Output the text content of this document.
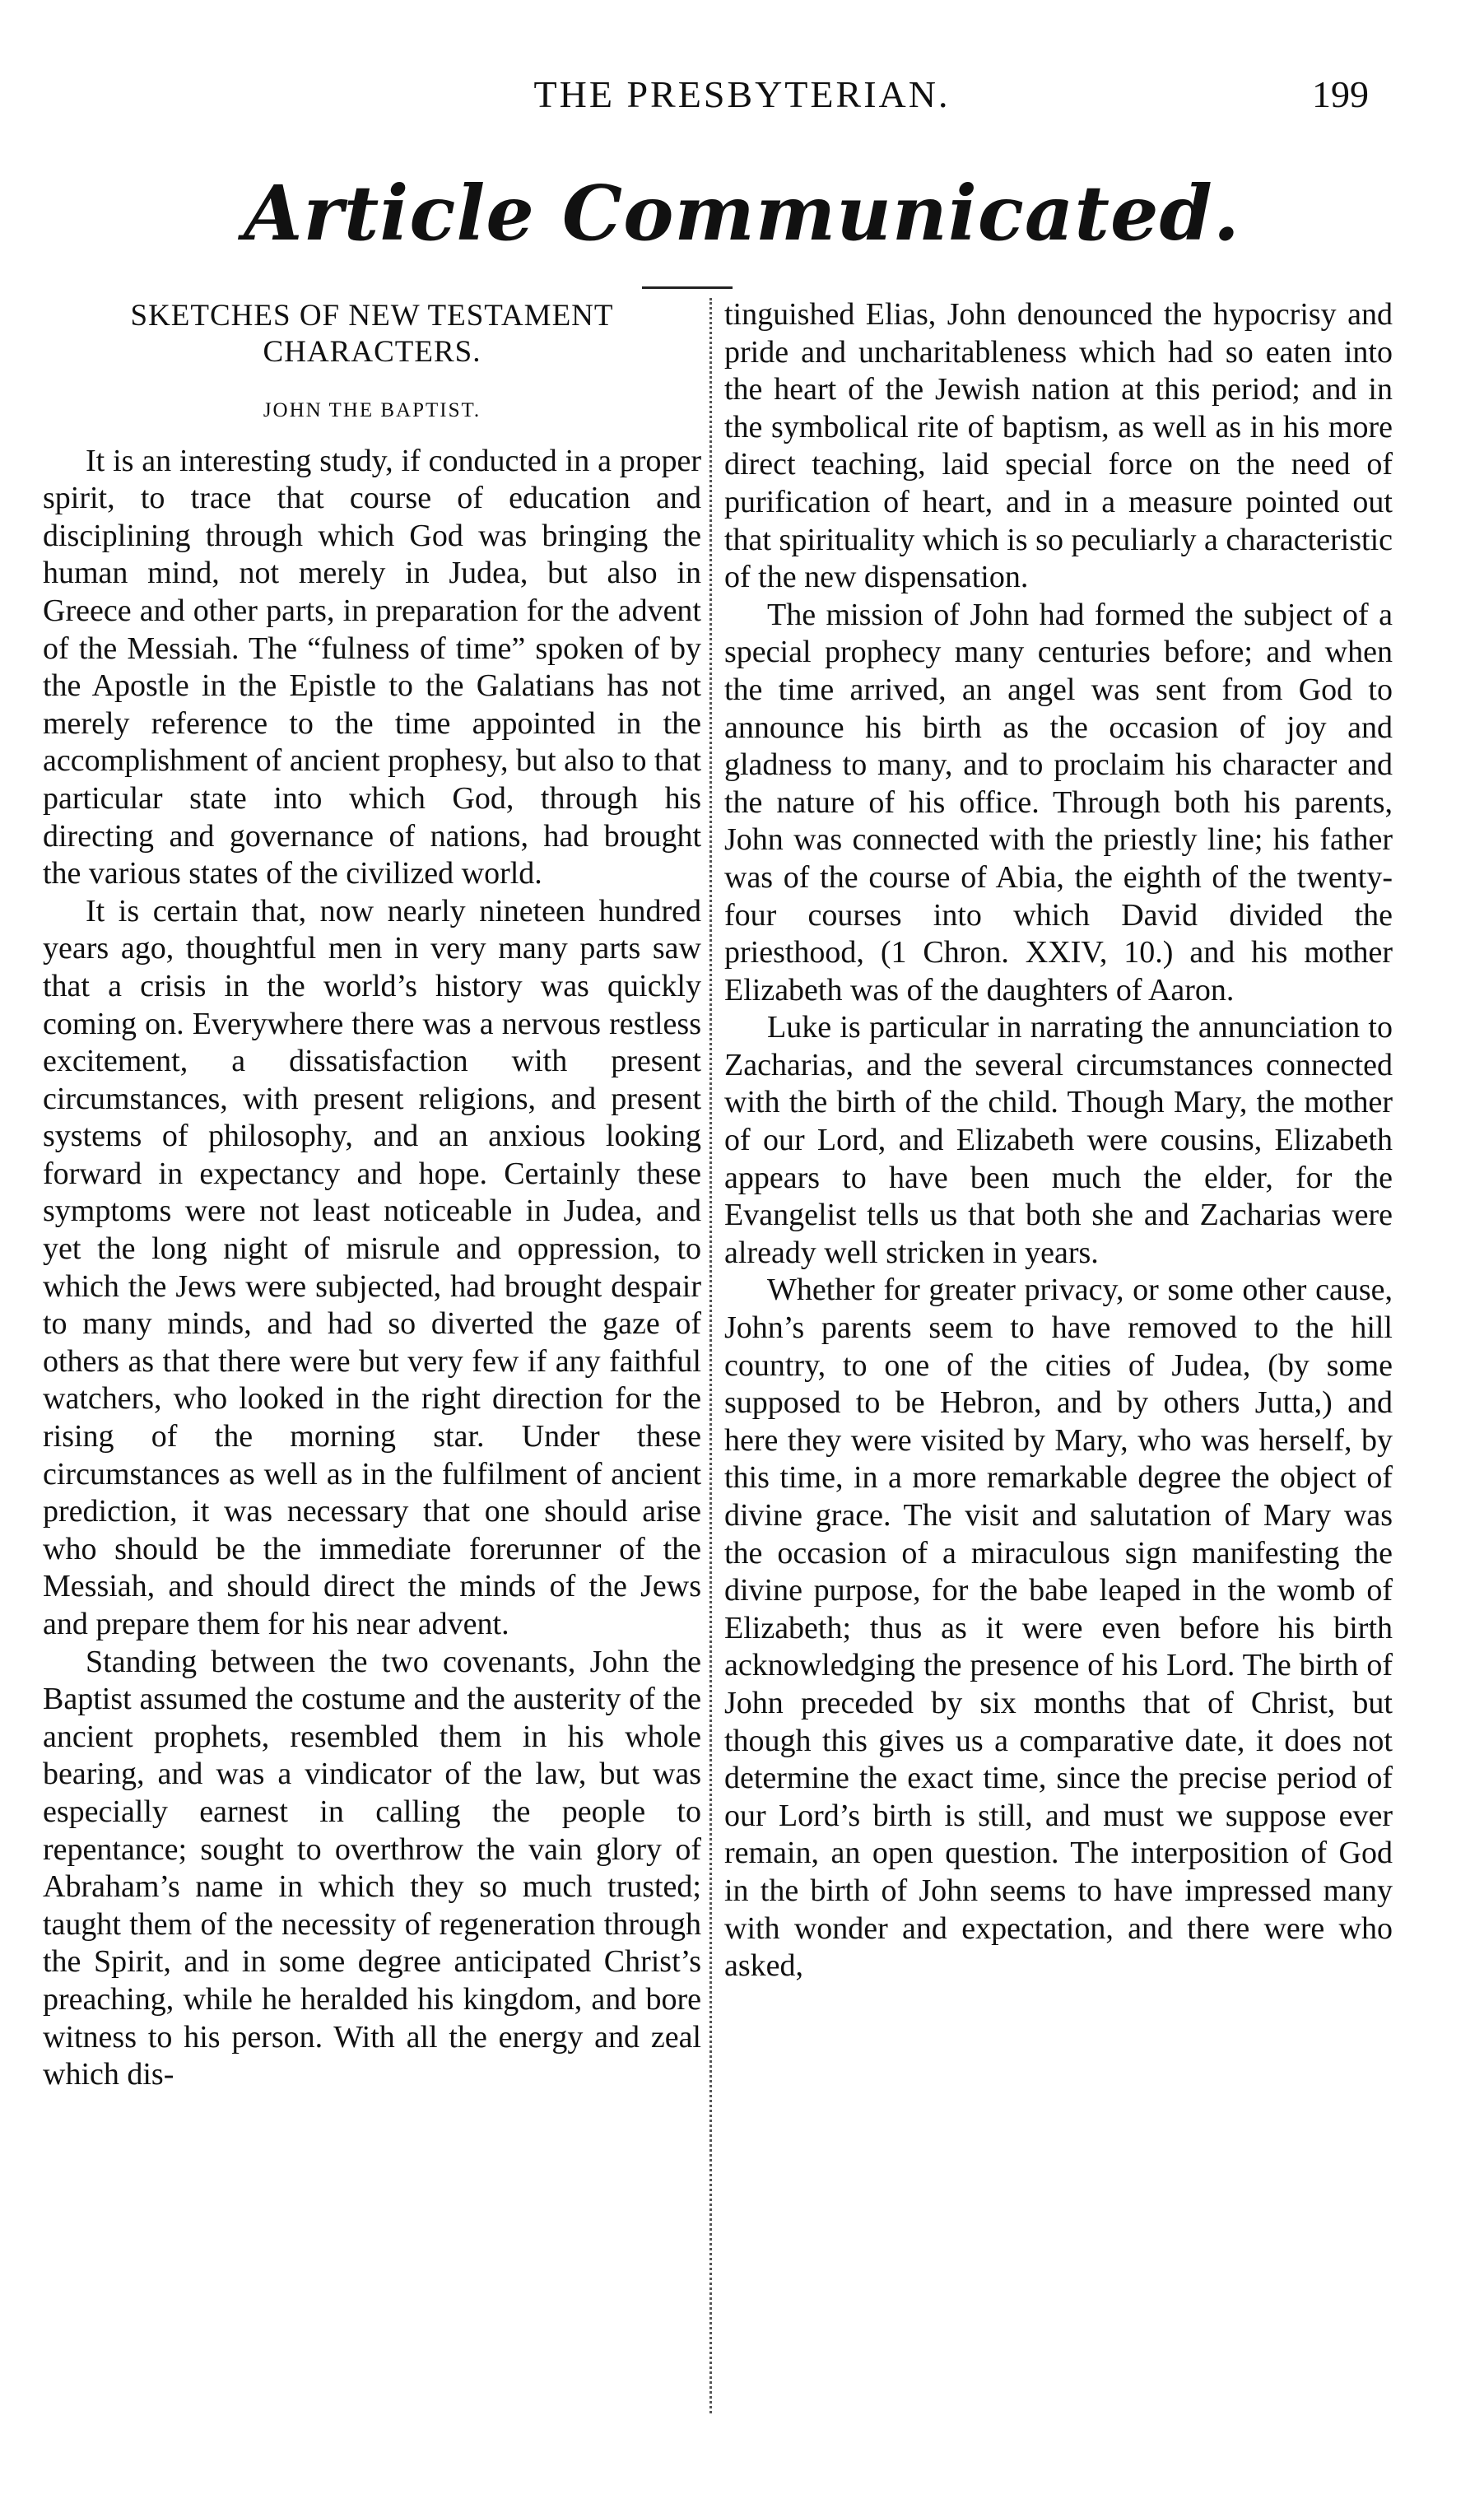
THE PRESBYTERIAN.	199
Article Communicated.
SKETCHES OF NEW TESTAMENT CHARACTERS.
JOHN THE BAPTIST.

It is an interesting study, if conducted in a proper spirit, to trace that course of education and disciplining through which God was bringing the human mind, not merely in Judea, but also in Greece and other parts, in preparation for the advent of the Messiah. The “fulness of time” spoken of by the Apostle in the Epistle to the Galatians has not merely reference to the time appointed in the accomplishment of ancient prophesy, but also to that particular state into which God, through his directing and governance of nations, had brought the various states of the civilized world.

It is certain that, now nearly nineteen hundred years ago, thoughtful men in very many parts saw that a crisis in the world’s history was quickly coming on. Everywhere there was a nervous restless excitement, a dissatisfaction with present circumstances, with present religions, and present systems of philosophy, and an anxious looking forward in expectancy and hope. Certainly these symptoms were not least noticeable in Judea, and yet the long night of misrule and oppression, to which the Jews were subjected, had brought despair to many minds, and had so diverted the gaze of others as that there were but very few if any faithful watchers, who looked in the right direction for the rising of the morning star. Under these circumstances as well as in the fulfilment of ancient prediction, it was necessary that one should arise who should be the immediate forerunner of the Messiah, and should direct the minds of the Jews and prepare them for his near advent.

Standing between the two covenants, John the Baptist assumed the costume and the austerity of the ancient prophets, resembled them in his whole bearing, and was a vindicator of the law, but was especially earnest in calling the people to repentance; sought to overthrow the vain glory of Abraham’s name in which they so much trusted; taught them of the necessity of regeneration through the Spirit, and in some degree anticipated Christ’s preaching, while he heralded his kingdom, and bore witness to his person. With all the energy and zeal which dis-

tinguished Elias, John denounced the hypocrisy and pride and uncharitableness which had so eaten into the heart of the Jewish nation at this period; and in the symbolical rite of baptism, as well as in his more direct teaching, laid special force on the need of purification of heart, and in a measure pointed out that spirituality which is so peculiarly a characteristic of the new dispensation.

The mission of John had formed the subject of a special prophecy many centuries before; and when the time arrived, an angel was sent from God to announce his birth as the occasion of joy and gladness to many, and to proclaim his character and the nature of his office. Through both his parents, John was connected with the priestly line; his father was of the course of Abia, the eighth of the twenty-four courses into which David divided the priesthood, (1 Chron. XXIV, 10.) and his mother Elizabeth was of the daughters of Aaron.

Luke is particular in narrating the annunciation to Zacharias, and the several circumstances connected with the birth of the child. Though Mary, the mother of our Lord, and Elizabeth were cousins, Elizabeth appears to have been much the elder, for the Evangelist tells us that both she and Zacharias were already well stricken in years.

Whether for greater privacy, or some other cause, John’s parents seem to have removed to the hill country, to one of the cities of Judea, (by some supposed to be Hebron, and by others Jutta,) and here they were visited by Mary, who was herself, by this time, in a more remarkable degree the object of divine grace. The visit and salutation of Mary was the occasion of a miraculous sign manifesting the divine purpose, for the babe leaped in the womb of Elizabeth; thus as it were even before his birth acknowledging the presence of his Lord. The birth of John preceded by six months that of Christ, but though this gives us a comparative date, it does not determine the exact time, since the precise period of our Lord’s birth is still, and must we suppose ever remain, an open question. The interposition of God in the birth of John seems to have impressed many with wonder and expectation, and there were who asked,
